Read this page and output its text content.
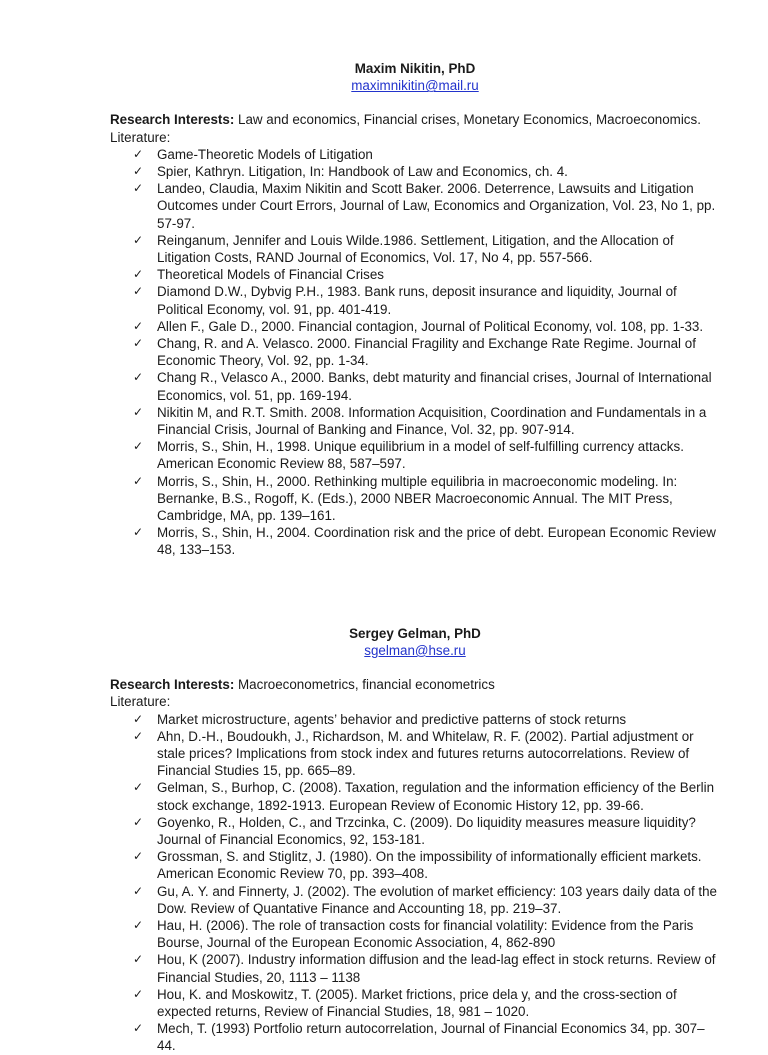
Maxim Nikitin, PhD
maximnikitin@mail.ru
Research Interests: Law and economics, Financial crises, Monetary Economics, Macroeconomics.
Literature:
✓ Game-Theoretic Models of Litigation
✓ Spier, Kathryn. Litigation, In: Handbook of Law and Economics, ch. 4.
✓ Landeo, Claudia, Maxim Nikitin and Scott Baker. 2006. Deterrence, Lawsuits and Litigation Outcomes under Court Errors, Journal of Law, Economics and Organization, Vol. 23, No 1, pp. 57-97.
✓ Reinganum, Jennifer and Louis Wilde.1986. Settlement, Litigation, and the Allocation of Litigation Costs, RAND Journal of Economics, Vol. 17, No 4, pp. 557-566.
✓ Theoretical Models of Financial Crises
✓ Diamond D.W., Dybvig P.H., 1983. Bank runs, deposit insurance and liquidity, Journal of Political Economy, vol. 91, pp. 401-419.
✓ Allen F., Gale D., 2000. Financial contagion, Journal of Political Economy, vol. 108, pp. 1-33.
✓ Chang, R. and A. Velasco. 2000. Financial Fragility and Exchange Rate Regime. Journal of Economic Theory, Vol. 92, pp. 1-34.
✓ Chang R., Velasco A., 2000. Banks, debt maturity and financial crises, Journal of International Economics, vol. 51, pp. 169-194.
✓ Nikitin M, and R.T. Smith. 2008. Information Acquisition, Coordination and Fundamentals in a Financial Crisis, Journal of Banking and Finance, Vol. 32, pp. 907-914.
✓ Morris, S., Shin, H., 1998. Unique equilibrium in a model of self-fulfilling currency attacks. American Economic Review 88, 587–597.
✓ Morris, S., Shin, H., 2000. Rethinking multiple equilibria in macroeconomic modeling. In: Bernanke, B.S., Rogoff, K. (Eds.), 2000 NBER Macroeconomic Annual. The MIT Press, Cambridge, MA, pp. 139–161.
✓ Morris, S., Shin, H., 2004. Coordination risk and the price of debt. European Economic Review 48, 133–153.
Sergey Gelman, PhD
sgelman@hse.ru
Research Interests: Macroeconometrics, financial econometrics
Literature:
✓ Market microstructure, agents’ behavior and predictive patterns of stock returns
✓ Ahn, D.-H., Boudoukh, J., Richardson, M. and Whitelaw, R. F. (2002). Partial adjustment or stale prices? Implications from stock index and futures returns autocorrelations. Review of Financial Studies 15, pp. 665–89.
✓ Gelman, S., Burhop, C. (2008). Taxation, regulation and the information efficiency of the Berlin stock exchange, 1892-1913. European Review of Economic History 12, pp. 39-66.
✓ Goyenko, R., Holden, C., and Trzcinka, C. (2009). Do liquidity measures measure liquidity? Journal of Financial Economics, 92, 153-181.
✓ Grossman, S. and Stiglitz, J. (1980). On the impossibility of informationally efficient markets. American Economic Review 70, pp. 393–408.
✓ Gu, A. Y. and Finnerty, J. (2002). The evolution of market efficiency: 103 years daily data of the Dow. Review of Quantative Finance and Accounting 18, pp. 219–37.
✓ Hau, H. (2006). The role of transaction costs for financial volatility: Evidence from the Paris Bourse, Journal of the European Economic Association, 4, 862-890
✓ Hou, K (2007). Industry information diffusion and the lead-lag effect in stock returns. Review of Financial Studies, 20, 1113 – 1138
✓ Hou, K. and Moskowitz, T. (2005). Market frictions, price dela y, and the cross-section of expected returns, Review of Financial Studies, 18, 981 – 1020.
✓ Mech, T. (1993) Portfolio return autocorrelation, Journal of Financial Economics 34, pp. 307–44.
